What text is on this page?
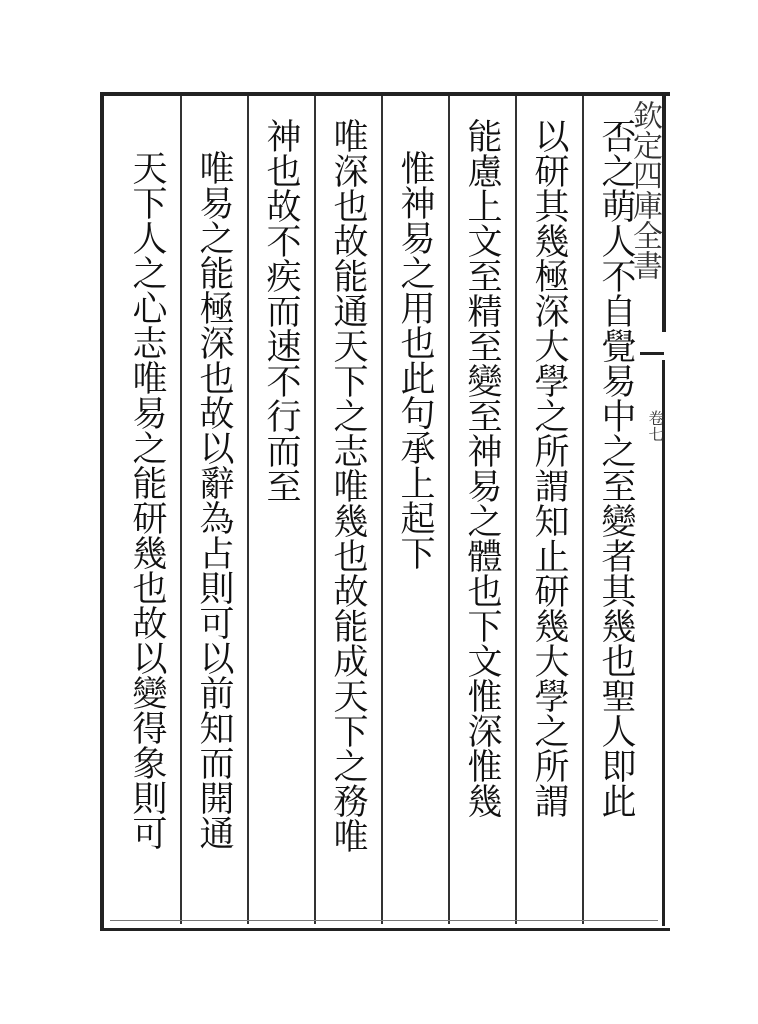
欽定四庫全書
卷七
否之萌人不自覺易中之至變者其幾也聖人即此
以研其幾極深大學之所謂知止研幾大學之所謂
能慮上文至精至變至神易之體也下文惟深惟幾
惟神易之用也此句承上起下
唯深也故能通天下之志唯幾也故能成天下之務唯
神也故不疾而速不行而至
唯易之能極深也故以辭為占則可以前知而開通
天下人之心志唯易之能研幾也故以變得象則可
